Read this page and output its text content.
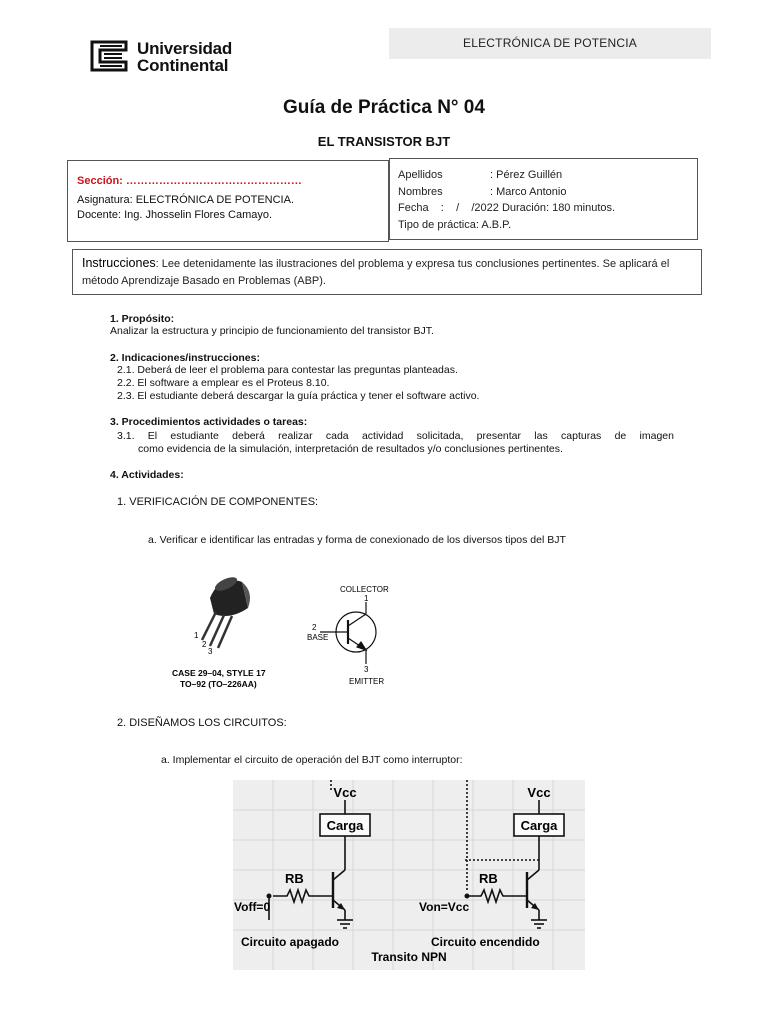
Universidad
Continental
ELECTRÓNICA DE POTENCIA
Guía de Práctica N° 04
EL TRANSISTOR BJT
Sección: …………………………………………
Asignatura: ELECTRÓNICA DE POTENCIA.
Docente: Ing. Jhosselin Flores Camayo.
Apellidos	: Pérez Guillén
Nombres	: Marco Antonio
Fecha    :    /    /2022 Duración: 180 minutos.
Tipo de práctica: A.B.P.

Instrucciones: Lee detenidamente las ilustraciones del problema y expresa tus conclusiones pertinentes. Se aplicará el método Aprendizaje Basado en Problemas (ABP).

1. Propósito:
Analizar la estructura y principio de funcionamiento del transistor BJT.
2. Indicaciones/instrucciones:
2.1. Deberá de leer el problema para contestar las preguntas planteadas.
2.2. El software a emplear es el Proteus 8.10.
2.3. El estudiante deberá descargar la guía práctica y tener el software activo.
3. Procedimientos actividades o tareas:
3.1. El estudiante deberá realizar cada actividad solicitada, presentar las capturas de imagen
como evidencia de la simulación, interpretación de resultados y/o conclusiones pertinentes.
4. Actividades:
1. VERIFICACIÓN DE COMPONENTES:
a. Verificar e identificar las entradas y forma de conexionado de los diversos tipos del BJT
1
2
3
CASE 29–04, STYLE 17
TO–92 (TO–226AA)
COLLECTOR
1
2
BASE
3
EMITTER
2. DISEÑAMOS LOS CIRCUITOS:
a. Implementar el circuito de operación del BJT como interruptor:
Carga
Vcc
RB
Voff=0
Circuito apagado
Carga
Vcc
RB
Von=Vcc
Circuito encendido
Transito NPN
